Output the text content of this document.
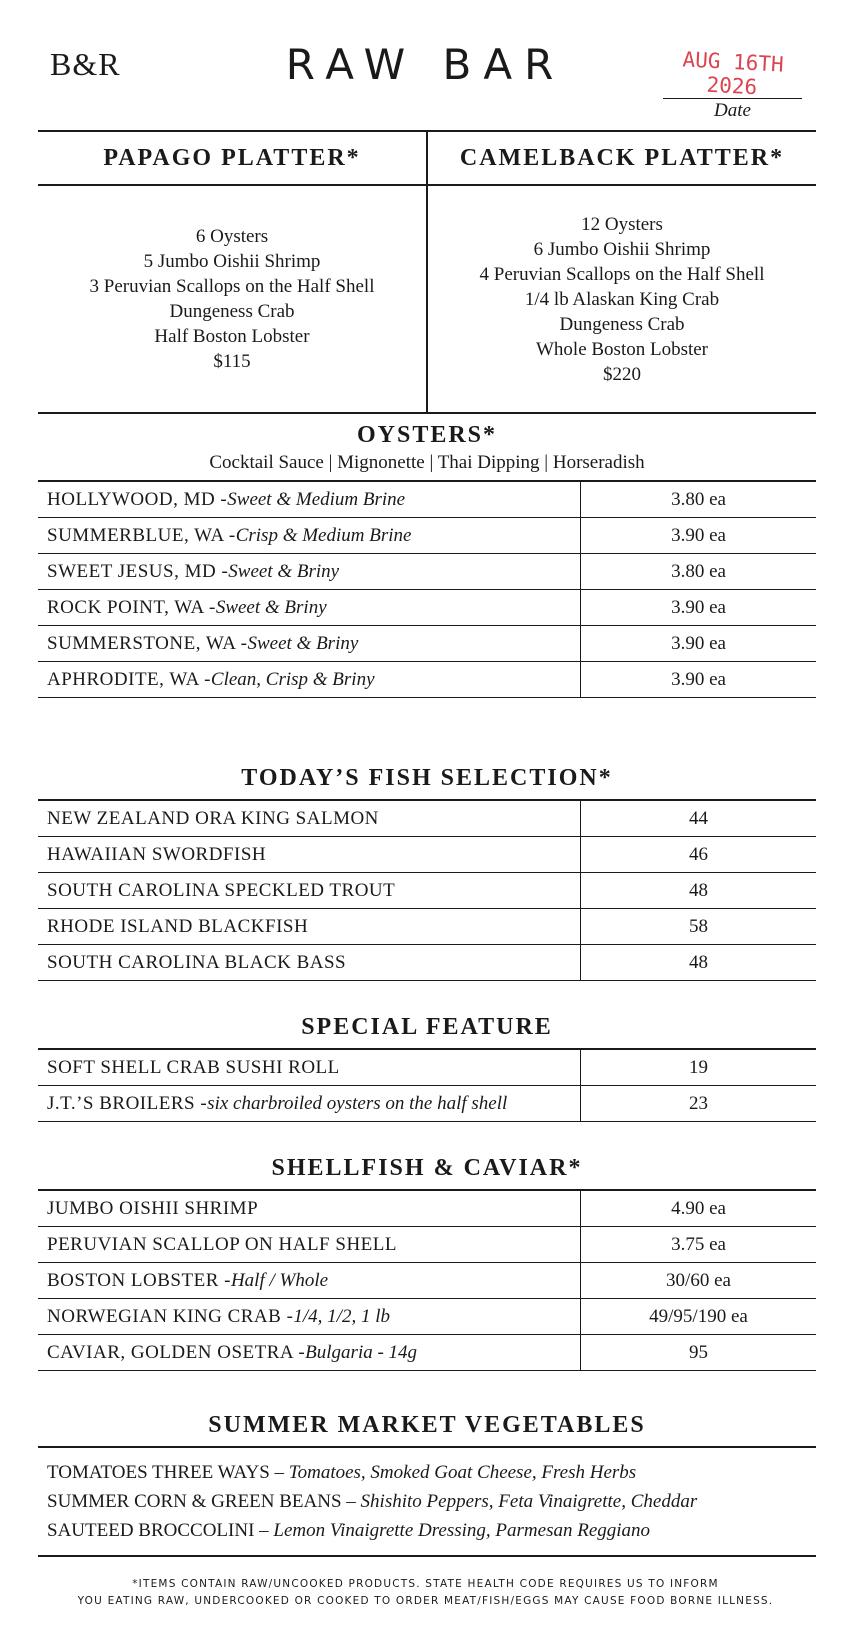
B&R	RAW BAR	AUG 16TH 2026
Date
PAPAGO PLATTER*
6 Oysters
5 Jumbo Oishii Shrimp
3 Peruvian Scallops on the Half Shell
Dungeness Crab
Half Boston Lobster
$115
CAMELBACK PLATTER*
12 Oysters
6 Jumbo Oishii Shrimp
4 Peruvian Scallops on the Half Shell
1/4 lb Alaskan King Crab
Dungeness Crab
Whole Boston Lobster
$220
OYSTERS*
Cocktail Sauce | Mignonette | Thai Dipping | Horseradish
HOLLYWOOD, MD - Sweet & Medium Brine	3.80 ea
SUMMERBLUE, WA - Crisp & Medium Brine	3.90 ea
SWEET JESUS, MD - Sweet & Briny	3.80 ea
ROCK POINT, WA - Sweet & Briny	3.90 ea
SUMMERSTONE, WA - Sweet & Briny	3.90 ea
APHRODITE, WA - Clean, Crisp & Briny	3.90 ea
TODAY’S FISH SELECTION*
NEW ZEALAND ORA KING SALMON	44
HAWAIIAN SWORDFISH	46
SOUTH CAROLINA SPECKLED TROUT	48
RHODE ISLAND BLACKFISH	58
SOUTH CAROLINA BLACK BASS	48
SPECIAL FEATURE
SOFT SHELL CRAB SUSHI ROLL	19
J.T.’S BROILERS - six charbroiled oysters on the half shell	23
SHELLFISH & CAVIAR*
JUMBO OISHII SHRIMP	4.90 ea
PERUVIAN SCALLOP ON HALF SHELL	3.75 ea
BOSTON LOBSTER - Half / Whole	30/60 ea
NORWEGIAN KING CRAB - 1/4, 1/2, 1 lb	49/95/190 ea
CAVIAR, GOLDEN OSETRA - Bulgaria - 14g	95
SUMMER MARKET VEGETABLES
TOMATOES THREE WAYS – Tomatoes, Smoked Goat Cheese, Fresh Herbs
SUMMER CORN & GREEN BEANS – Shishito Peppers, Feta Vinaigrette, Cheddar
SAUTEED BROCCOLINI – Lemon Vinaigrette Dressing, Parmesan Reggiano
*ITEMS CONTAIN RAW/UNCOOKED PRODUCTS. STATE HEALTH CODE REQUIRES US TO INFORM
YOU EATING RAW, UNDERCOOKED OR COOKED TO ORDER MEAT/FISH/EGGS MAY CAUSE FOOD BORNE ILLNESS.
